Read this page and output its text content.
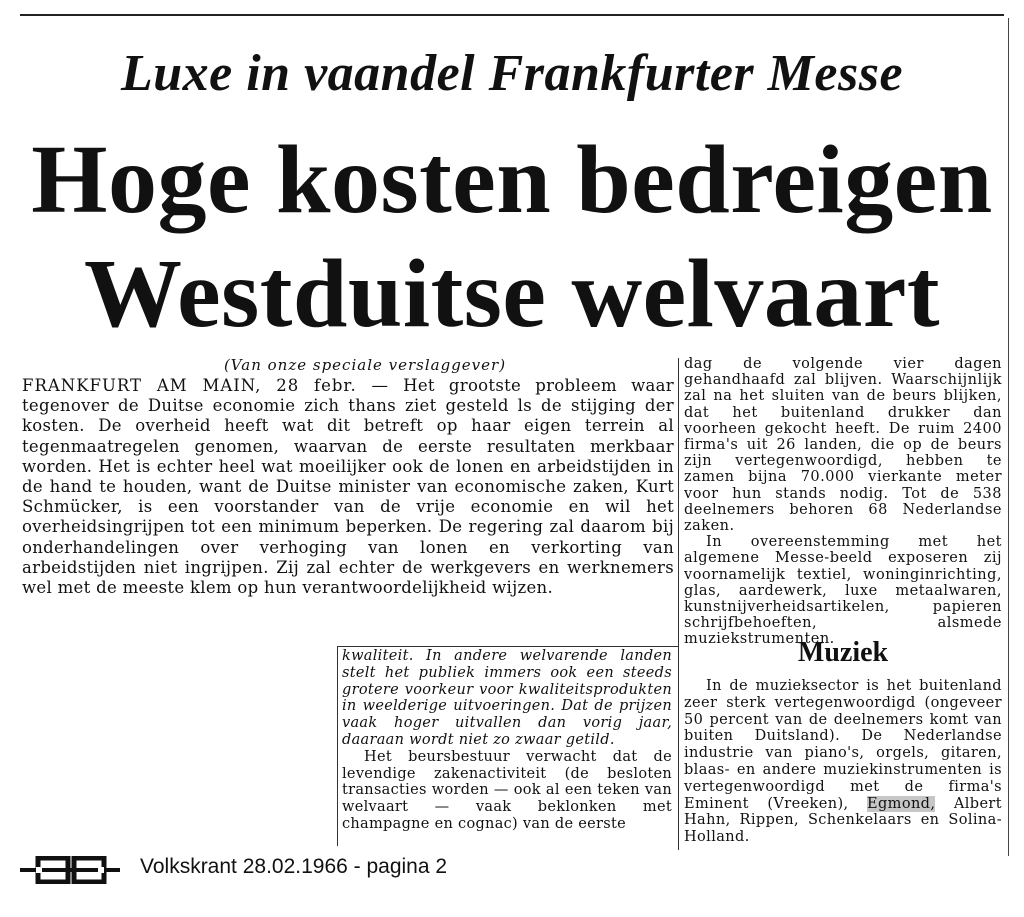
Luxe in vaandel Frankfurter Messe
Hoge kosten bedreigen
Westduitse welvaart
(Van onze speciale verslaggever)
FRANKFURT AM MAIN, 28 febr. — Het grootste probleem waar tegenover de Duitse economie zich thans ziet gesteld ls de stijging der kosten. De overheid heeft wat dit betreft op haar eigen terrein al tegenmaatregelen genomen, waarvan de eerste resultaten merkbaar worden. Het is echter heel wat moeilijker ook de lonen en arbeidstijden in de hand te houden, want de Duitse minister van economische zaken, Kurt Schmücker, is een voorstander van de vrije economie en wil het overheidsingrijpen tot een minimum beperken. De regering zal daarom bij onderhandelingen over verhoging van lonen en verkorting van arbeidstijden niet ingrijpen. Zij zal echter de werkgevers en werknemers wel met de meeste klem op hun verantwoordelijkheid wijzen.

kwaliteit. In andere welvarende landen stelt het publiek immers ook een steeds grotere voorkeur voor kwaliteitsprodukten in weelderige uitvoeringen. Dat de prijzen vaak hoger uitvallen dan vorig jaar, daaraan wordt niet zo zwaar getild.

Het beursbestuur verwacht dat de levendige zakenactiviteit (de besloten transacties worden — ook al een teken van welvaart — vaak beklonken met champagne en cognac) van de eerste

dag de volgende vier dagen gehandhaafd zal blijven. Waarschijnlijk zal na het sluiten van de beurs blijken, dat het buitenland drukker dan voorheen gekocht heeft. De ruim 2400 firma's uit 26 landen, die op de beurs zijn vertegenwoordigd, hebben te zamen bijna 70.000 vierkante meter voor hun stands nodig. Tot de 538 deelnemers behoren 68 Nederlandse zaken.

In overeenstemming met het algemene Messe-beeld exposeren zij voornamelijk textiel, woninginrichting, glas, aardewerk, luxe metaalwaren, kunstnijverheidsartikelen, papieren schrijfbehoeften, alsmede muziekstrumenten.

Muziek

In de muzieksector is het buitenland zeer sterk vertegenwoordigd (ongeveer 50 percent van de deelnemers komt van buiten Duitsland). De Nederlandse industrie van piano's, orgels, gitaren, blaas- en andere muziekinstrumenten is vertegenwoordigd met de firma's Eminent (Vreeken), Egmond, Albert Hahn, Rippen, Schenkelaars en Solina-Holland.

Volkskrant 28.02.1966 - pagina 2
